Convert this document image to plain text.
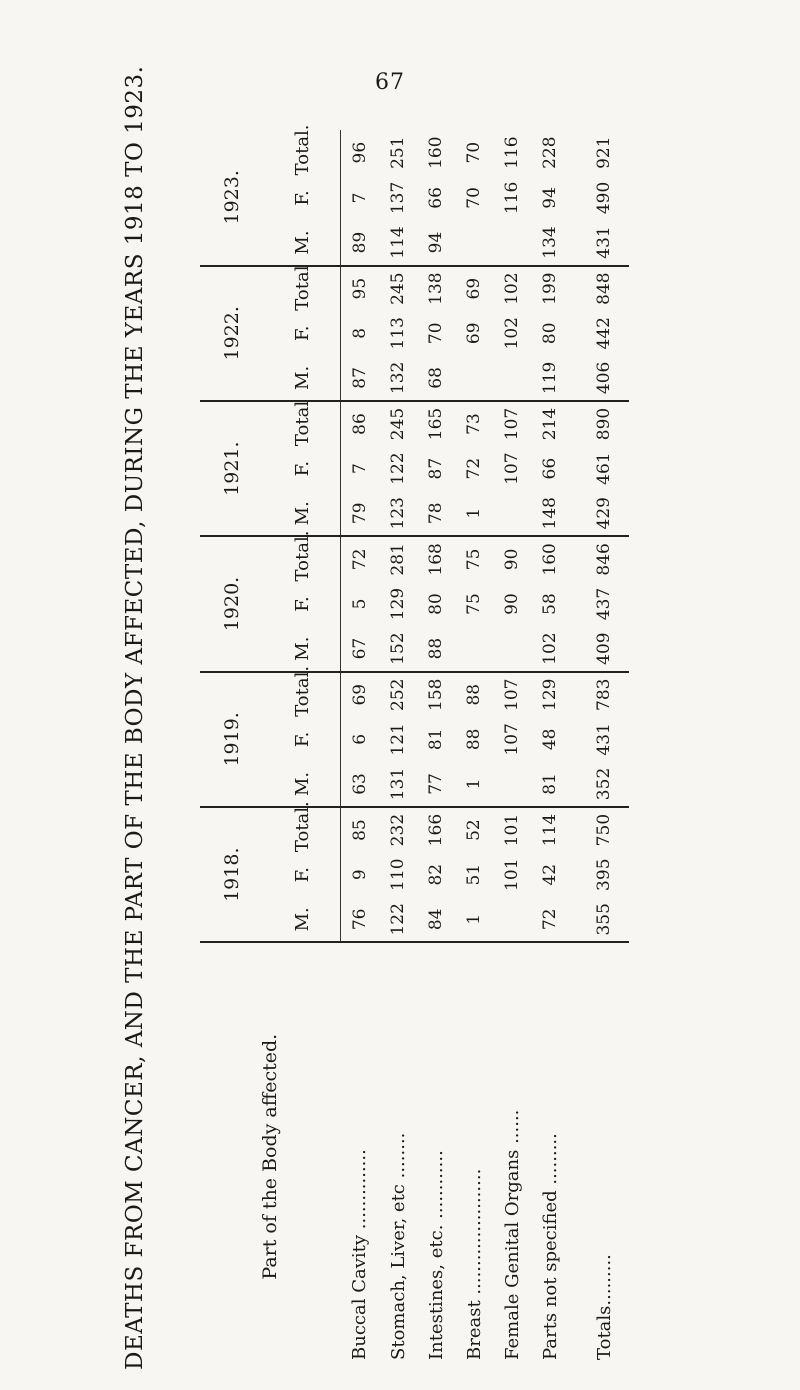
67
DEATHS FROM CANCER, AND THE PART OF THE BODY AFFECTED, DURING THE YEARS 1918 TO 1923.	Part of the Body affected.	1918.			1919.			1920.			1921.			1922.			1923.		
	M.	F.	Total.	M.	F.	Total.	M.	F.	Total.	M.	F.	Total	M.	F.	Total	M.	F.	Total.
Buccal Cavity ..............	76	9	85	63	6	69	67	5	72	79	7	86	87	8	95	89	7	96
Stomach, Liver, etc ........	122	110	232	131	121	252	152	129	281	123	122	245	132	113	245	114	137	251
Intestines, etc. ............	84	82	166	77	81	158	88	80	168	78	87	165	68	70	138	94	66	160
Breast ......................	1	51	52	1	88	88		75	75	1	72	73		69	69		70	70
Female Genital Organs ......		101	101		107	107		90	90		107	107		102	102		116	116
Parts not specified .........	72	42	114	81	48	129	102	58	160	148	66	214	119	80	199	134	94	228
Totals.........	355	395	750	352	431	783	409	437	846	429	461	890	406	442	848	431	490	921
